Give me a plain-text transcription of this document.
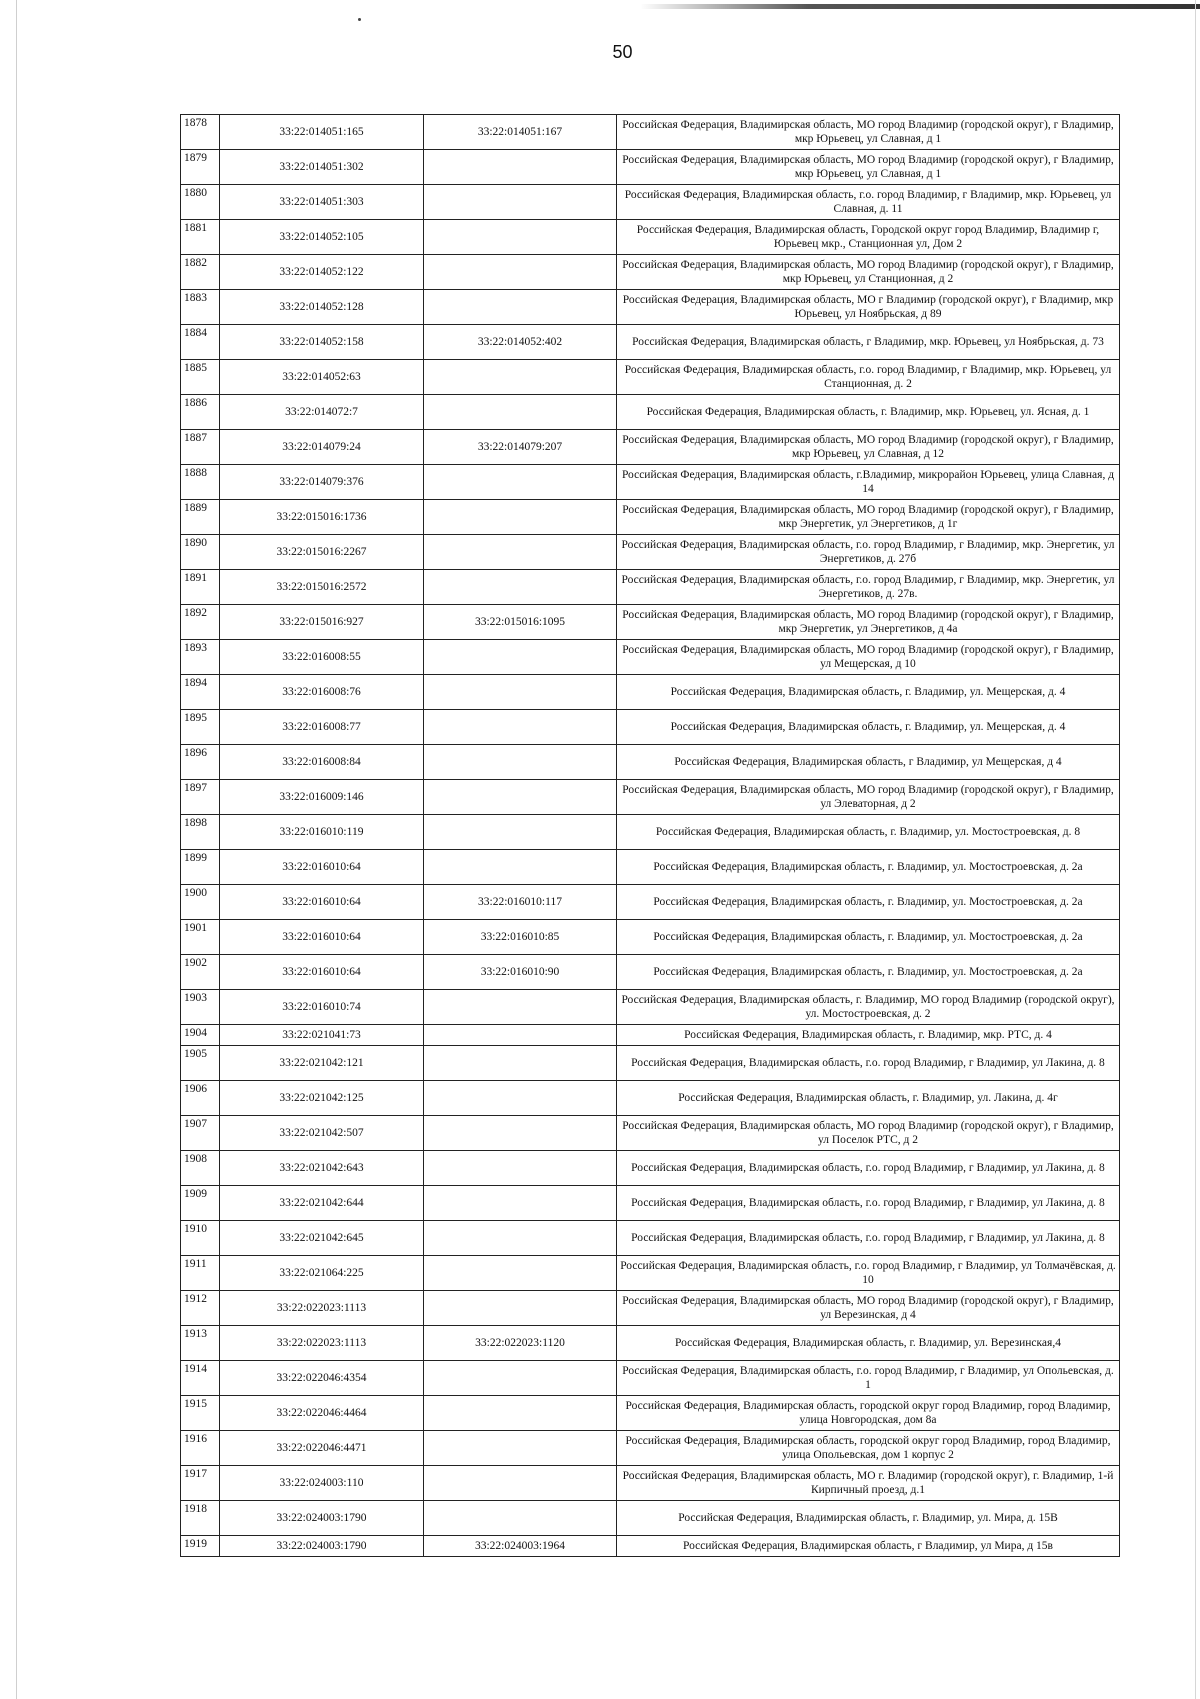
50
1878	33:22:014051:165	33:22:014051:167	Российская Федерация, Владимирская область, МО город Владимир (городской округ), г Владимир, мкр Юрьевец, ул Славная, д 1
1879	33:22:014051:302		Российская Федерация, Владимирская область, МО город Владимир (городской округ), г Владимир, мкр Юрьевец, ул Славная, д 1
1880	33:22:014051:303		Российская Федерация, Владимирская область, г.о. город Владимир, г Владимир, мкр. Юрьевец, ул Славная, д. 11
1881	33:22:014052:105		Российская Федерация, Владимирская область, Городской округ город Владимир, Владимир г, Юрьевец мкр., Станционная ул, Дом 2
1882	33:22:014052:122		Российская Федерация, Владимирская область, МО город Владимир (городской округ), г Владимир, мкр Юрьевец, ул Станционная, д 2
1883	33:22:014052:128		Российская Федерация, Владимирская область, МО г Владимир (городской округ), г Владимир, мкр Юрьевец, ул Ноябрьская, д 89
1884	33:22:014052:158	33:22:014052:402	Российская Федерация, Владимирская область, г Владимир, мкр. Юрьевец, ул Ноябрьская, д. 73
1885	33:22:014052:63		Российская Федерация, Владимирская область, г.о. город Владимир, г Владимир, мкр. Юрьевец, ул Станционная, д. 2
1886	33:22:014072:7		Российская Федерация, Владимирская область, г. Владимир, мкр. Юрьевец, ул. Ясная, д. 1
1887	33:22:014079:24	33:22:014079:207	Российская Федерация, Владимирская область, МО город Владимир (городской округ), г Владимир, мкр Юрьевец, ул Славная, д 12
1888	33:22:014079:376		Российская Федерация, Владимирская область, г.Владимир, микрорайон Юрьевец, улица Славная, д 14
1889	33:22:015016:1736		Российская Федерация, Владимирская область, МО город Владимир (городской округ), г Владимир, мкр Энергетик, ул Энергетиков, д 1г
1890	33:22:015016:2267		Российская Федерация, Владимирская область, г.о. город Владимир, г Владимир, мкр. Энергетик, ул Энергетиков, д. 27б
1891	33:22:015016:2572		Российская Федерация, Владимирская область, г.о. город Владимир, г Владимир, мкр. Энергетик, ул Энергетиков, д. 27в.
1892	33:22:015016:927	33:22:015016:1095	Российская Федерация, Владимирская область, МО город Владимир (городской округ), г Владимир, мкр Энергетик, ул Энергетиков, д 4а
1893	33:22:016008:55		Российская Федерация, Владимирская область, МО город Владимир (городской округ), г Владимир, ул Мещерская, д 10
1894	33:22:016008:76		Российская Федерация, Владимирская область, г. Владимир, ул. Мещерская, д. 4
1895	33:22:016008:77		Российская Федерация, Владимирская область, г. Владимир, ул. Мещерская, д. 4
1896	33:22:016008:84		Российская Федерация, Владимирская область, г Владимир, ул Мещерская, д 4
1897	33:22:016009:146		Российская Федерация, Владимирская область, МО город Владимир (городской округ), г Владимир, ул Элеваторная, д 2
1898	33:22:016010:119		Российская Федерация, Владимирская область, г. Владимир, ул. Мостостроевская, д. 8
1899	33:22:016010:64		Российская Федерация, Владимирская область, г. Владимир, ул. Мостостроевская, д. 2а
1900	33:22:016010:64	33:22:016010:117	Российская Федерация, Владимирская область, г. Владимир, ул. Мостостроевская, д. 2а
1901	33:22:016010:64	33:22:016010:85	Российская Федерация, Владимирская область, г. Владимир, ул. Мостостроевская, д. 2а
1902	33:22:016010:64	33:22:016010:90	Российская Федерация, Владимирская область, г. Владимир, ул. Мостостроевская, д. 2а
1903	33:22:016010:74		Российская Федерация, Владимирская область, г. Владимир, МО город Владимир (городской округ), ул. Мостостроевская, д. 2
1904	33:22:021041:73		Российская Федерация, Владимирская область, г. Владимир, мкр. РТС, д. 4
1905	33:22:021042:121		Российская Федерация, Владимирская область, г.о. город Владимир, г Владимир, ул Лакина, д. 8
1906	33:22:021042:125		Российская Федерация, Владимирская область, г. Владимир, ул. Лакина, д. 4г
1907	33:22:021042:507		Российская Федерация, Владимирская область, МО город Владимир (городской округ), г Владимир, ул Поселок РТС, д 2
1908	33:22:021042:643		Российская Федерация, Владимирская область, г.о. город Владимир, г Владимир, ул Лакина, д. 8
1909	33:22:021042:644		Российская Федерация, Владимирская область, г.о. город Владимир, г Владимир, ул Лакина, д. 8
1910	33:22:021042:645		Российская Федерация, Владимирская область, г.о. город Владимир, г Владимир, ул Лакина, д. 8
1911	33:22:021064:225		Российская Федерация, Владимирская область, г.о. город Владимир, г Владимир, ул Толмачёвская, д. 10
1912	33:22:022023:1113		Российская Федерация, Владимирская область, МО город Владимир (городской округ), г Владимир, ул Верезинская, д 4
1913	33:22:022023:1113	33:22:022023:1120	Российская Федерация, Владимирская область, г. Владимир, ул. Верезинская,4
1914	33:22:022046:4354		Российская Федерация, Владимирская область, г.о. город Владимир, г Владимир, ул Опольевская, д. 1
1915	33:22:022046:4464		Российская Федерация, Владимирская область, городской округ город Владимир, город Владимир, улица Новгородская, дом 8а
1916	33:22:022046:4471		Российская Федерация, Владимирская область, городской округ город Владимир, город Владимир, улица Опольевская, дом 1 корпус 2
1917	33:22:024003:110		Российская Федерация, Владимирская область, МО г. Владимир (городской округ), г. Владимир, 1-й Кирпичный проезд, д.1
1918	33:22:024003:1790		Российская Федерация, Владимирская область, г. Владимир, ул. Мира, д. 15В
1919	33:22:024003:1790	33:22:024003:1964	Российская Федерация, Владимирская область, г Владимир, ул Мира, д 15в
